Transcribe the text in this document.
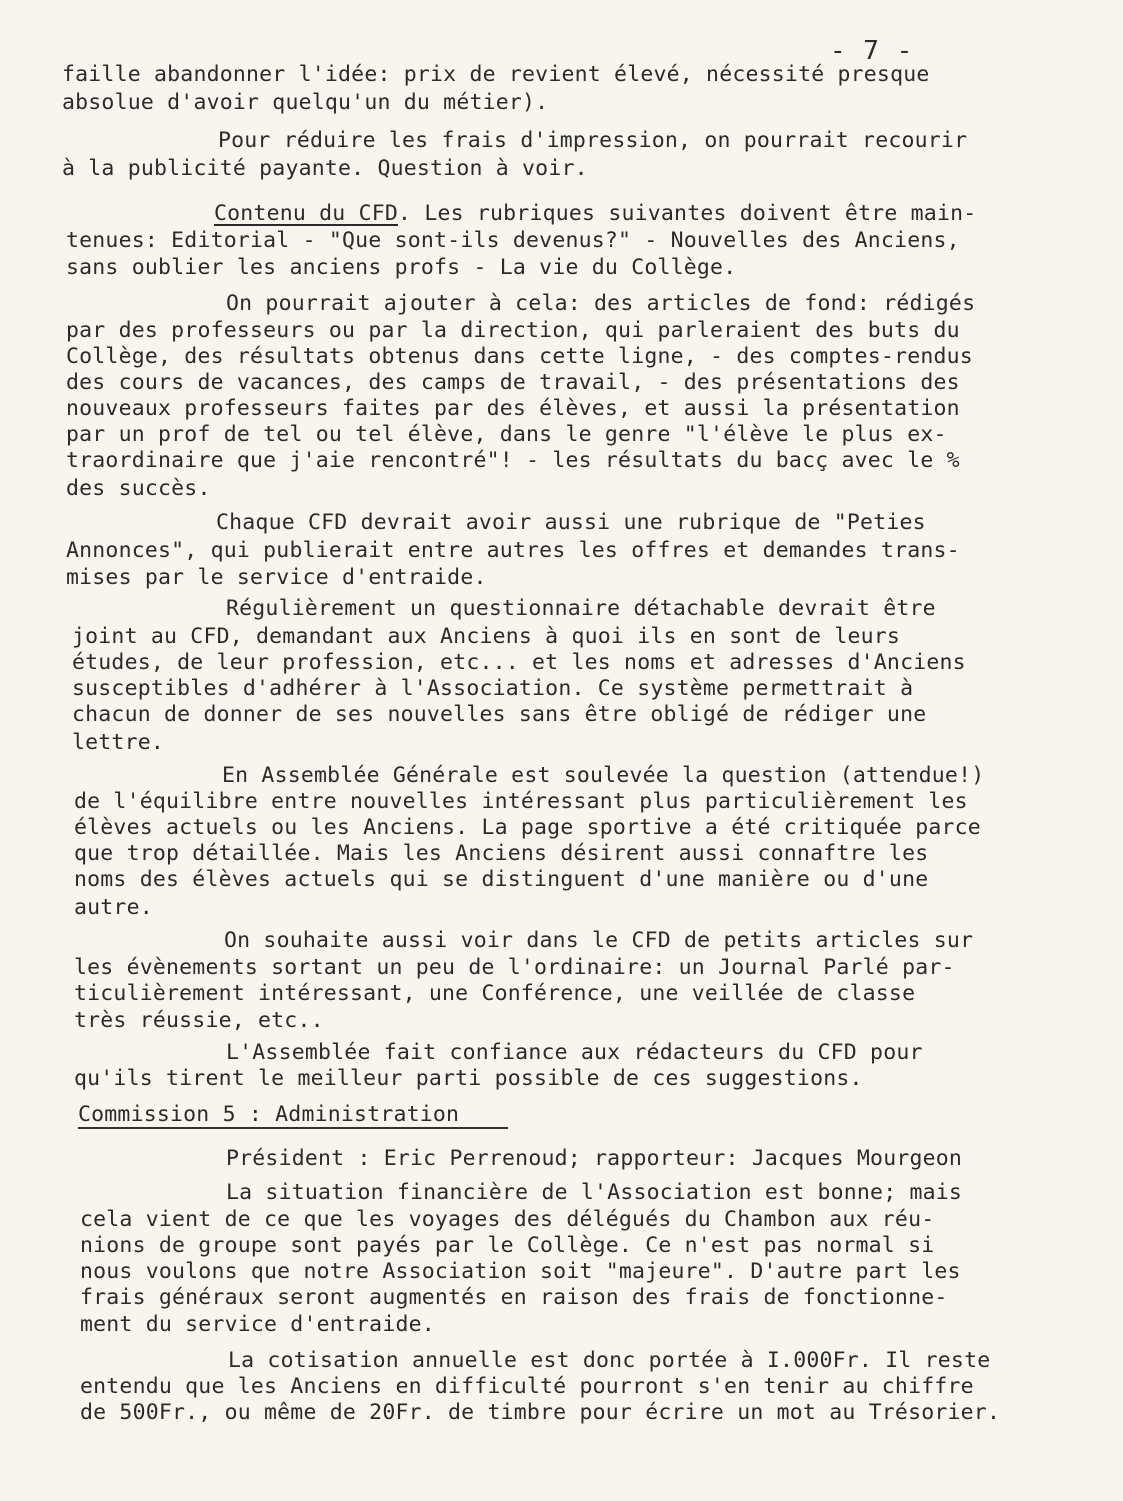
- 7 -
faille abandonner l'idée: prix de revient élevé, nécessité presque
absolue d'avoir quelqu'un du métier).
Pour réduire les frais d'impression, on pourrait recourir
à la publicité payante. Question à voir.
Contenu du CFD. Les rubriques suivantes doivent être main-
tenues: Editorial - "Que sont-ils devenus?" - Nouvelles des Anciens,
sans oublier les anciens profs - La vie du Collège.
On pourrait ajouter à cela: des articles de fond: rédigés
par des professeurs ou par la direction, qui parleraient des buts du
Collège, des résultats obtenus dans cette ligne, - des comptes-rendus
des cours de vacances, des camps de travail, - des présentations des
nouveaux professeurs faites par des élèves, et aussi la présentation
par un prof de tel ou tel élève, dans le genre "l'élève le plus ex-
traordinaire que j'aie rencontré"! - les résultats du bacç avec le %
des succès.
Chaque CFD devrait avoir aussi une rubrique de "Peties
Annonces", qui publierait entre autres les offres et demandes trans-
mises par le service d'entraide.
Régulièrement un questionnaire détachable devrait être
joint au CFD, demandant aux Anciens à quoi ils en sont de leurs
études, de leur profession, etc... et les noms et adresses d'Anciens
susceptibles d'adhérer à l'Association. Ce système permettrait à
chacun de donner de ses nouvelles sans être obligé de rédiger une
lettre.
En Assemblée Générale est soulevée la question (attendue!)
de l'équilibre entre nouvelles intéressant plus particulièrement les
élèves actuels ou les Anciens. La page sportive a été critiquée parce
que trop détaillée. Mais les Anciens désirent aussi connaftre les
noms des élèves actuels qui se distinguent d'une manière ou d'une
autre.
On souhaite aussi voir dans le CFD de petits articles sur
les évènements sortant un peu de l'ordinaire: un Journal Parlé par-
ticulièrement intéressant, une Conférence, une veillée de classe
très réussie, etc..
L'Assemblée fait confiance aux rédacteurs du CFD pour
qu'ils tirent le meilleur parti possible de ces suggestions.
Commission 5 : Administration
Président : Eric Perrenoud; rapporteur: Jacques Mourgeon
La situation financière de l'Association est bonne; mais
cela vient de ce que les voyages des délégués du Chambon aux réu-
nions de groupe sont payés par le Collège. Ce n'est pas normal si
nous voulons que notre Association soit "majeure". D'autre part les
frais généraux seront augmentés en raison des frais de fonctionne-
ment du service d'entraide.
La cotisation annuelle est donc portée à I.000Fr. Il reste
entendu que les Anciens en difficulté pourront s'en tenir au chiffre
de 500Fr., ou même de 20Fr. de timbre pour écrire un mot au Trésorier.
